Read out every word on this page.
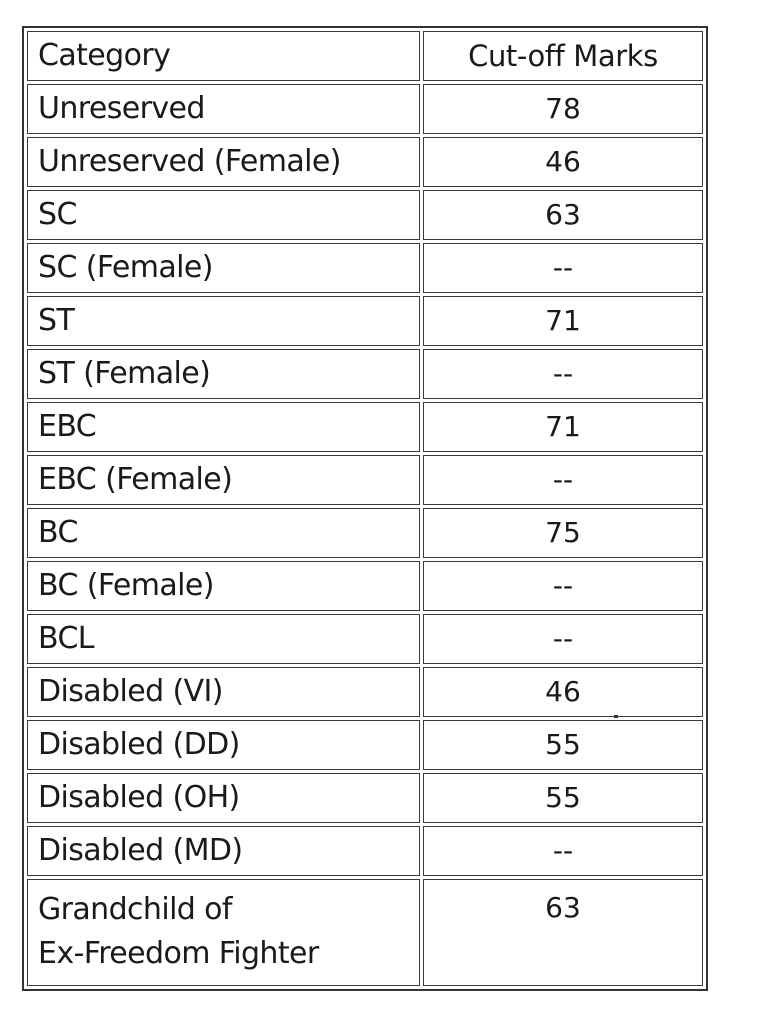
Category	Cut-off Marks
Unreserved	78
Unreserved (Female)	46
SC	63
SC (Female)	--
ST	71
ST (Female)	--
EBC	71
EBC (Female)	--
BC	75
BC (Female)	--
BCL	--
Disabled (VI)	46
Disabled (DD)	55
Disabled (OH)	55
Disabled (MD)	--
Grandchild of
Ex-Freedom Fighter	63
